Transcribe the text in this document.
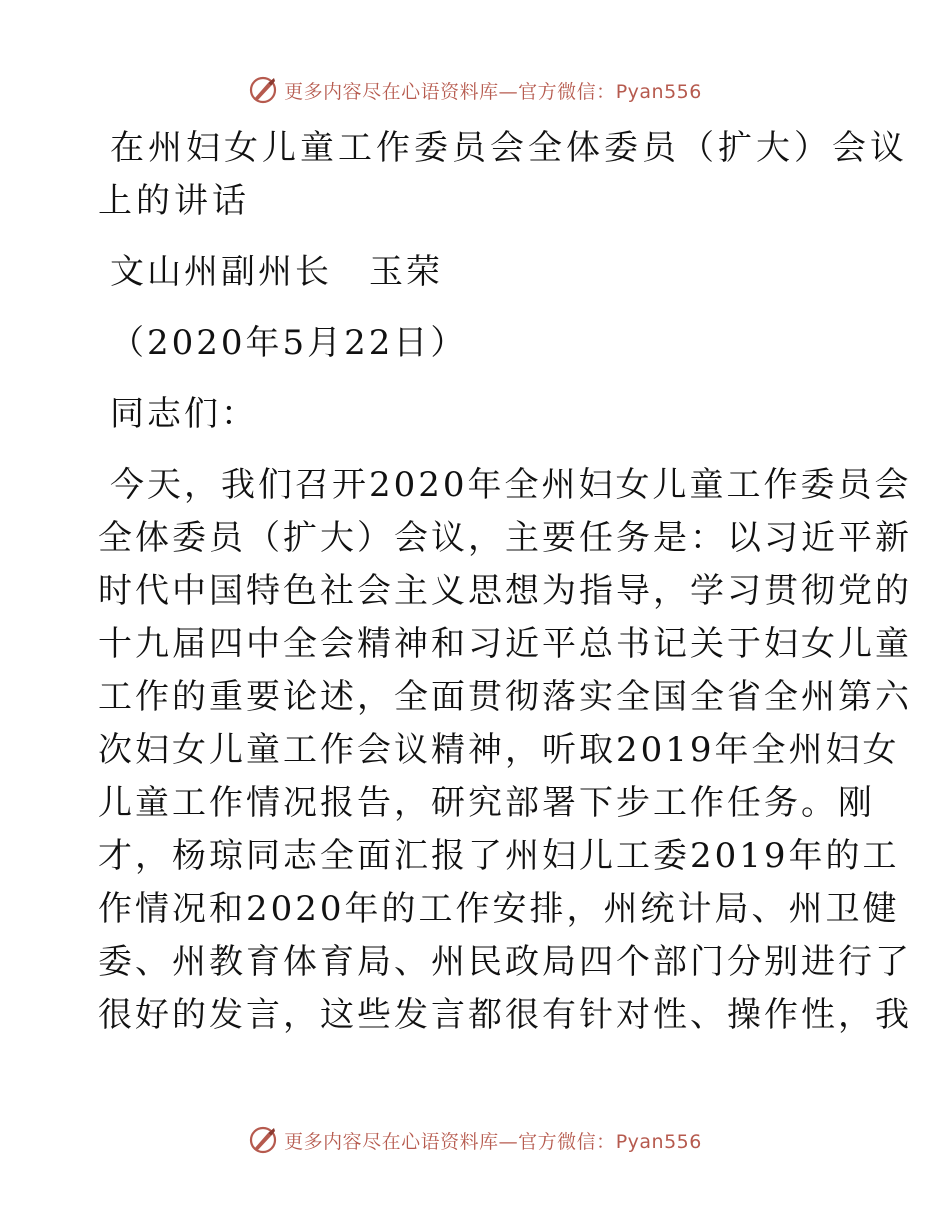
更多内容尽在心语资料库—官方微信：Pyan556
在州妇女儿童工作委员会全体委员（扩大）会议
上的讲话
文山州副州长　玉荣
（2020年5月22日）
同志们：
今天，我们召开2020年全州妇女儿童工作委员会
全体委员（扩大）会议，主要任务是：以习近平新
时代中国特色社会主义思想为指导，学习贯彻党的
十九届四中全会精神和习近平总书记关于妇女儿童
工作的重要论述，全面贯彻落实全国全省全州第六
次妇女儿童工作会议精神，听取2019年全州妇女
儿童工作情况报告，研究部署下步工作任务。刚
才，杨琼同志全面汇报了州妇儿工委2019年的工
作情况和2020年的工作安排，州统计局、州卫健
委、州教育体育局、州民政局四个部门分别进行了
很好的发言，这些发言都很有针对性、操作性，我
更多内容尽在心语资料库—官方微信：Pyan556
